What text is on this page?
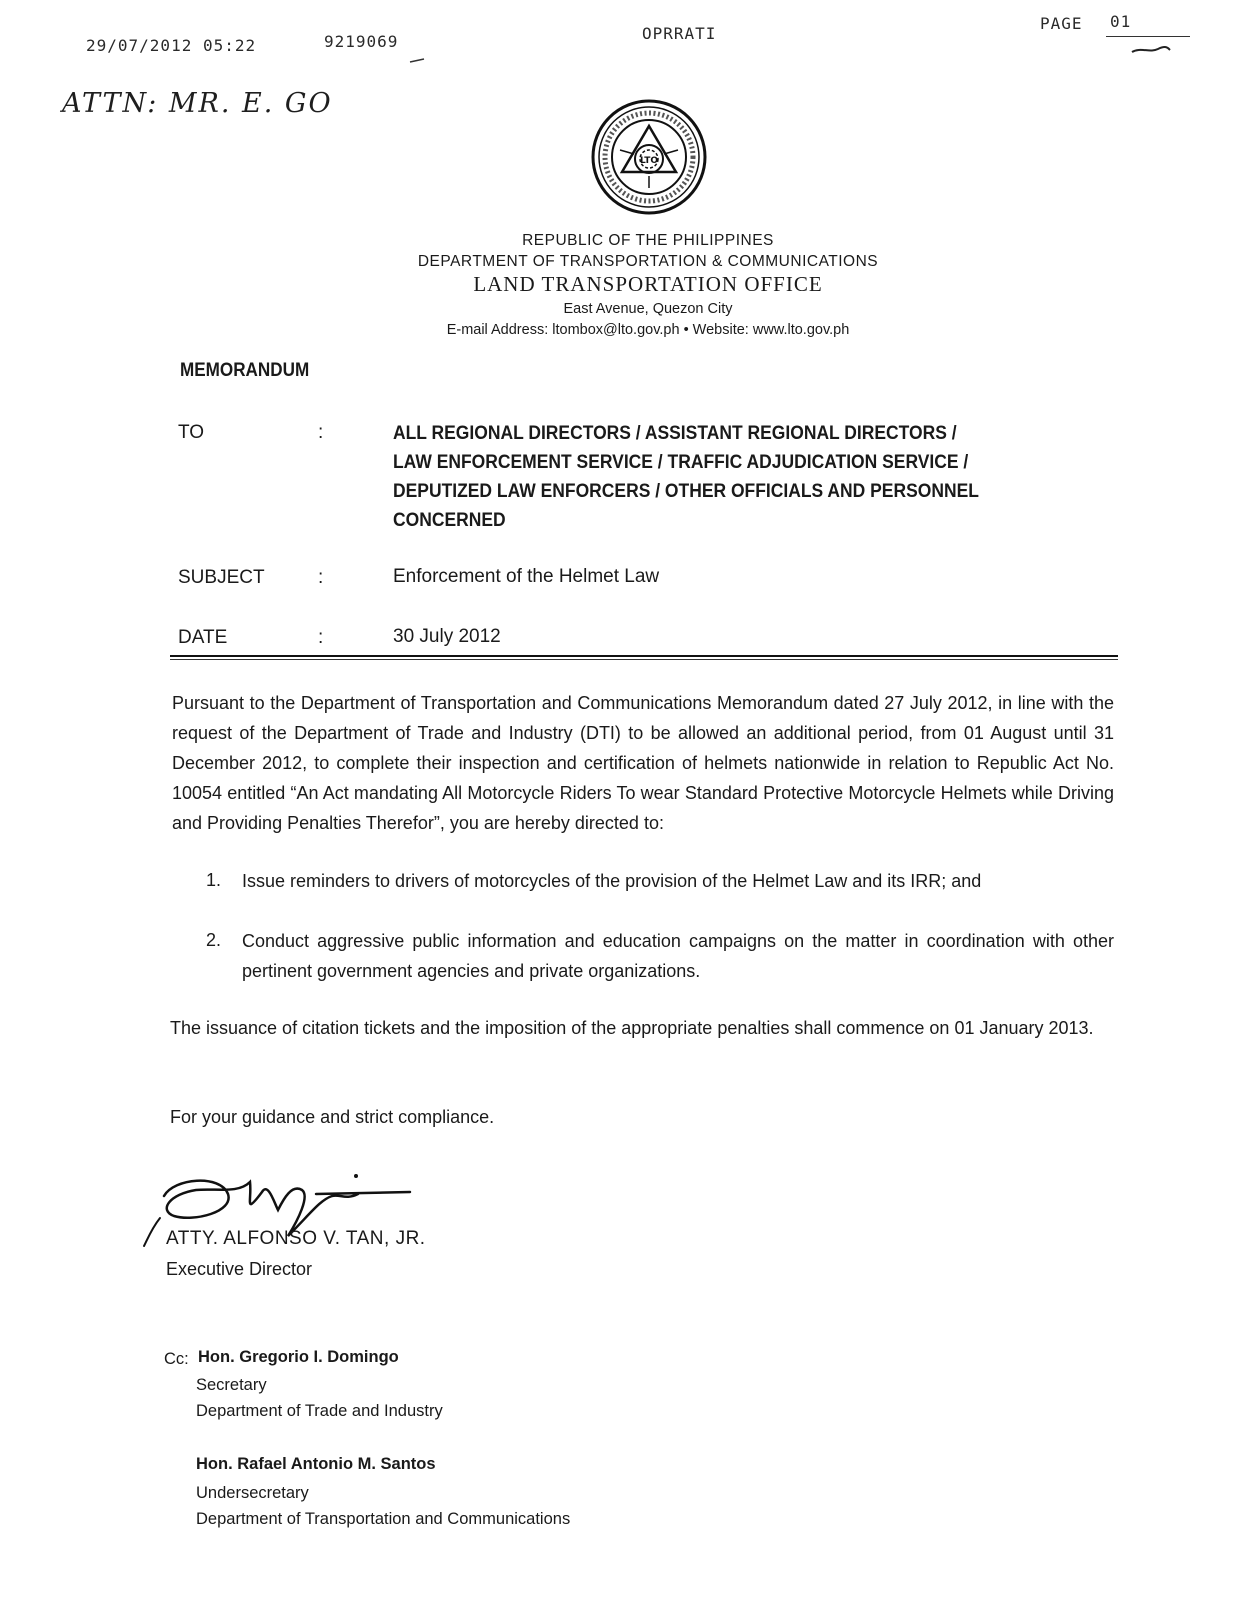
29/07/2012 05:22	9219069	OPRRATI
PAGE 01
ATTN: MR. E. GO
LTO
REPUBLIC OF THE PHILIPPINES
DEPARTMENT OF TRANSPORTATION & COMMUNICATIONS
LAND TRANSPORTATION OFFICE
East Avenue, Quezon City
E-mail Address: ltombox@lto.gov.ph • Website: www.lto.gov.ph
MEMORANDUM
TO	:	ALL REGIONAL DIRECTORS / ASSISTANT REGIONAL DIRECTORS /
LAW ENFORCEMENT SERVICE / TRAFFIC ADJUDICATION SERVICE /
DEPUTIZED LAW ENFORCERS / OTHER OFFICIALS AND PERSONNEL
CONCERNED
SUBJECT	:	Enforcement of the Helmet Law
DATE	:	30 July 2012
Pursuant to the Department of Transportation and Communications Memorandum dated 27 July 2012, in line with the request of the Department of Trade and Industry (DTI) to be allowed an additional period, from 01 August until 31 December 2012, to complete their inspection and certification of helmets nationwide in relation to Republic Act No. 10054 entitled “An Act mandating All Motorcycle Riders To wear Standard Protective Motorcycle Helmets while Driving and Providing Penalties Therefor”, you are hereby directed to:
1. Issue reminders to drivers of motorcycles of the provision of the Helmet Law and its IRR; and
2. Conduct aggressive public information and education campaigns on the matter in coordination with other pertinent government agencies and private organizations.
The issuance of citation tickets and the imposition of the appropriate penalties shall commence on 01 January 2013.
For your guidance and strict compliance.
ATTY. ALFONSO V. TAN, JR.
Executive Director
Cc: Hon. Gregorio I. Domingo
Secretary
Department of Trade and Industry
Hon. Rafael Antonio M. Santos
Undersecretary
Department of Transportation and Communications
